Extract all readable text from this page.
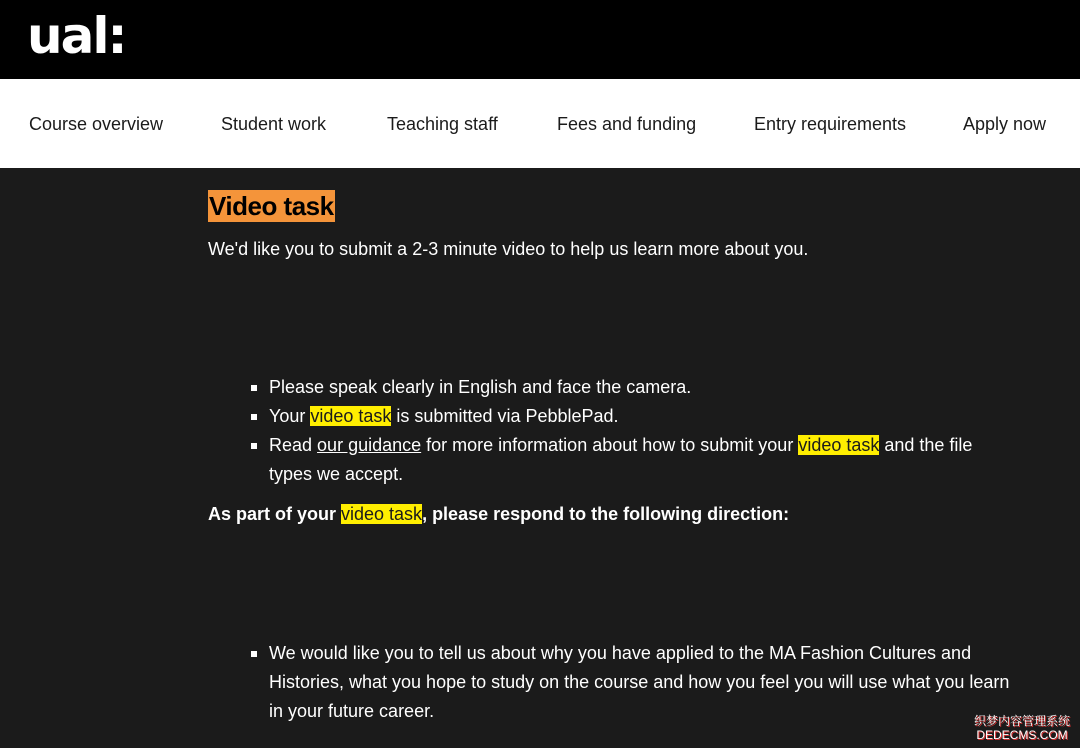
ual:
Course overview	Student work	Teaching staff	Fees and funding	Entry requirements	Apply now
Video task

We'd like you to submit a 2-3 minute video to help us learn more about you.

Please speak clearly in English and face the camera.
Your video task is submitted via PebblePad.
Read our guidance for more information about how to submit your video task and the file types we accept.

As part of your video task, please respond to the following direction:

We would like you to tell us about why you have applied to the MA Fashion Cultures and Histories, what you hope to study on the course and how you feel you will use what you learn in your future career.	织梦内容管理系统
DEDECMS.COM
